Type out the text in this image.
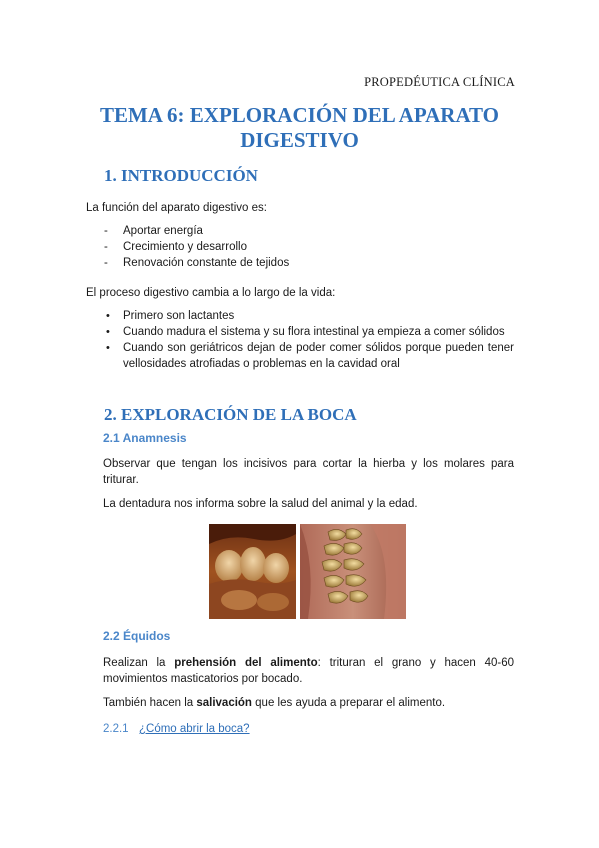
PROPEDÉUTICA CLÍNICA
TEMA 6: EXPLORACIÓN DEL APARATO
DIGESTIVO
1. INTRODUCCIÓN

La función del aparato digestivo es:

- Aportar energía
- Crecimiento y desarrollo
- Renovación constante de tejidos

El proceso digestivo cambia a lo largo de la vida:

• Primero son lactantes
• Cuando madura el sistema y su flora intestinal ya empieza a comer sólidos
• Cuando son geriátricos dejan de poder comer sólidos porque pueden tener vellosidades atrofiadas o problemas en la cavidad oral
2. EXPLORACIÓN DE LA BOCA
2.1 Anamnesis

Observar que tengan los incisivos para cortar la hierba y los molares para triturar.

La dentadura nos informa sobre la salud del animal y la edad.

2.2 Équidos

Realizan la prehensión del alimento: trituran el grano y hacen 40-60 movimientos masticatorios por bocado.

También hacen la salivación que les ayuda a preparar el alimento.

2.2.1 ¿Cómo abrir la boca?
